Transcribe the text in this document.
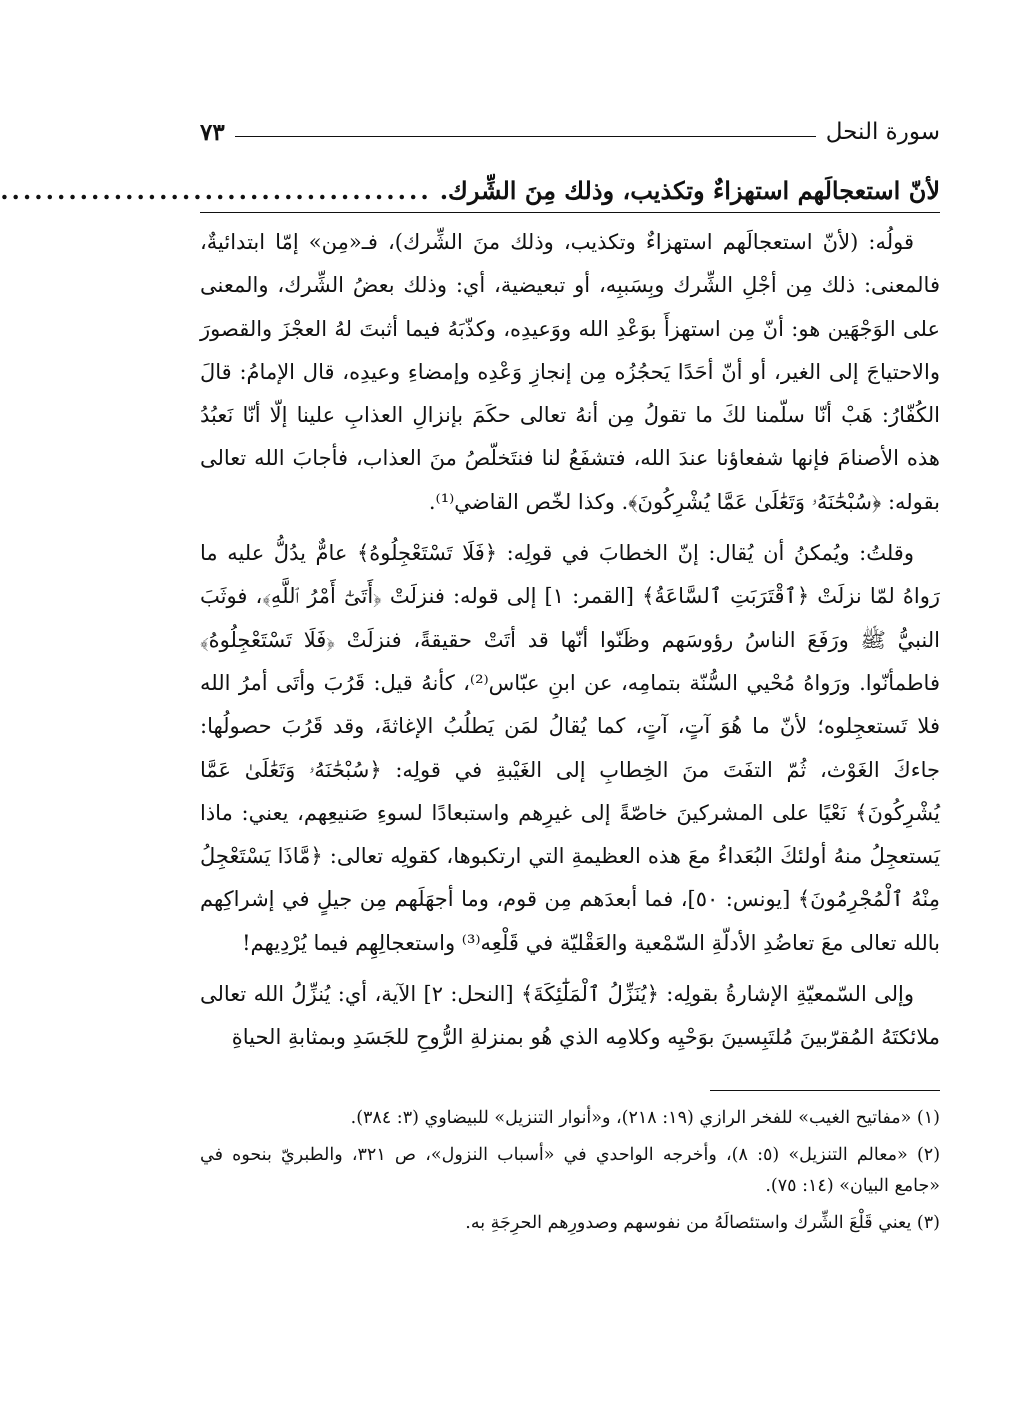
سورة النحل
٧٣
لأنّ استعجالَهم استهزاءٌ وتكذيب، وذلك مِنَ الشِّرك.
......................................

قولُه: (لأنّ استعجالَهم استهزاءٌ وتكذيب، وذلك منَ الشِّرك)، فـ«مِن» إمّا ابتدائيةٌ، فالمعنى: ذلك مِن أجْلِ الشِّرك وبِسَببِه، أو تبعيضية، أي: وذلك بعضُ الشِّرك، والمعنى على الوَجْهَين هو: أنّ مِن استهزأَ بوَعْدِ الله ووَعيدِه، وكذّبَهُ فيما أثبتَ لهُ العجْزَ والقصورَ والاحتياجَ إلى الغير، أو أنّ أحَدًا يَحجُزُه مِن إنجازِ وَعْدِه وإمضاءِ وعيدِه، قال الإمامُ: قالَ الكُفّارُ: هَبْ أنّا سلّمنا لكَ ما تقولُ مِن أنهُ تعالى حكَمَ بإنزالِ العذابِ علينا إلّا أنّا نَعبُدُ هذه الأصنامَ فإنها شفعاؤنا عندَ الله، فتشفَعُ لنا فنتَخلّصُ منَ العذاب، فأجابَ الله تعالى بقوله: ﴿سُبْحَٰنَهُۥ وَتَعَٰلَىٰ عَمَّا يُشْرِكُونَ﴾. وكذا لخّص القاضي⁽¹⁾.

وقلتُ: ويُمكنُ أن يُقال: إنّ الخطابَ في قولِه: ﴿فَلَا تَسْتَعْجِلُوهُ﴾ عامٌّ يدُلُّ عليه ما رَواهُ لمّا نزلَتْ ﴿ٱقْتَرَبَتِ ٱلسَّاعَةُ﴾ [القمر: ١] إلى قوله: فنزلَتْ ﴿أَتَىٰٓ أَمْرُ ٱللَّهِ﴾، فوثَبَ النبيُّ ﷺ ورَفَعَ الناسُ رؤوسَهم وظَنّوا أنّها قد أتَتْ حقيقةً، فنزلَتْ ﴿فَلَا تَسْتَعْجِلُوهُ﴾ فاطمأنّوا. ورَواهُ مُحْيي السُّنّة بتمامِه، عن ابنِ عبّاس⁽²⁾، كأنهُ قيل: قَرُبَ وأتَى أمرُ الله فلا تَستعجِلوه؛ لأنّ ما هُوَ آتٍ، آتٍ، كما يُقالُ لمَن يَطلُبُ الإغاثةَ، وقد قَرُبَ حصولُها: جاءكَ الغَوْث، ثُمّ التفَتَ منَ الخِطابِ إلى الغَيْبةِ في قولِه: ﴿سُبْحَٰنَهُۥ وَتَعَٰلَىٰ عَمَّا يُشْرِكُونَ﴾ نَعْيًا على المشركينَ خاصّةً إلى غيرِهم واستبعادًا لسوءِ صَنيعِهم، يعني: ماذا يَستعجِلُ منهُ أولئكَ البُعَداءُ معَ هذه العظيمةِ التي ارتكبوها، كقولِه تعالى: ﴿مَّاذَا يَسْتَعْجِلُ مِنْهُ ٱلْمُجْرِمُونَ﴾ [يونس: ٥٠]، فما أبعدَهم مِن قوم، وما أجهَلَهم مِن جيلٍ في إشراكِهم بالله تعالى معَ تعاضُدِ الأدلّةِ السّمْعية والعَقْليّة في قَلْعِه⁽³⁾ واستعجالِهِم فيما يُرْدِيهم!

وإلى السّمعيّةِ الإشارةُ بقولِه: ﴿يُنَزِّلُ ٱلْمَلَٰٓئِكَةَ﴾ [النحل: ٢] الآية، أي: يُنزِّلُ الله تعالى ملائكتَهُ المُقرّبينَ مُلتَبِسينَ بوَحْيِه وكلامِه الذي هُو بمنزلةِ الرُّوحِ للجَسَدِ وبمثابةِ الحياةِ

(١) «مفاتيح الغيب» للفخر الرازي (١٩: ٢١٨)، و«أنوار التنزيل» للبيضاوي (٣: ٣٨٤).
(٢) «معالم التنزيل» (٥: ٨)، وأخرجه الواحدي في «أسباب النزول»، ص ٣٢١، والطبريّ بنحوه في «جامع البيان» (١٤: ٧٥).
(٣) يعني قَلْعَ الشِّرك واستئصالَهُ من نفوسهم وصدورِهم الحرِجَةِ به.
